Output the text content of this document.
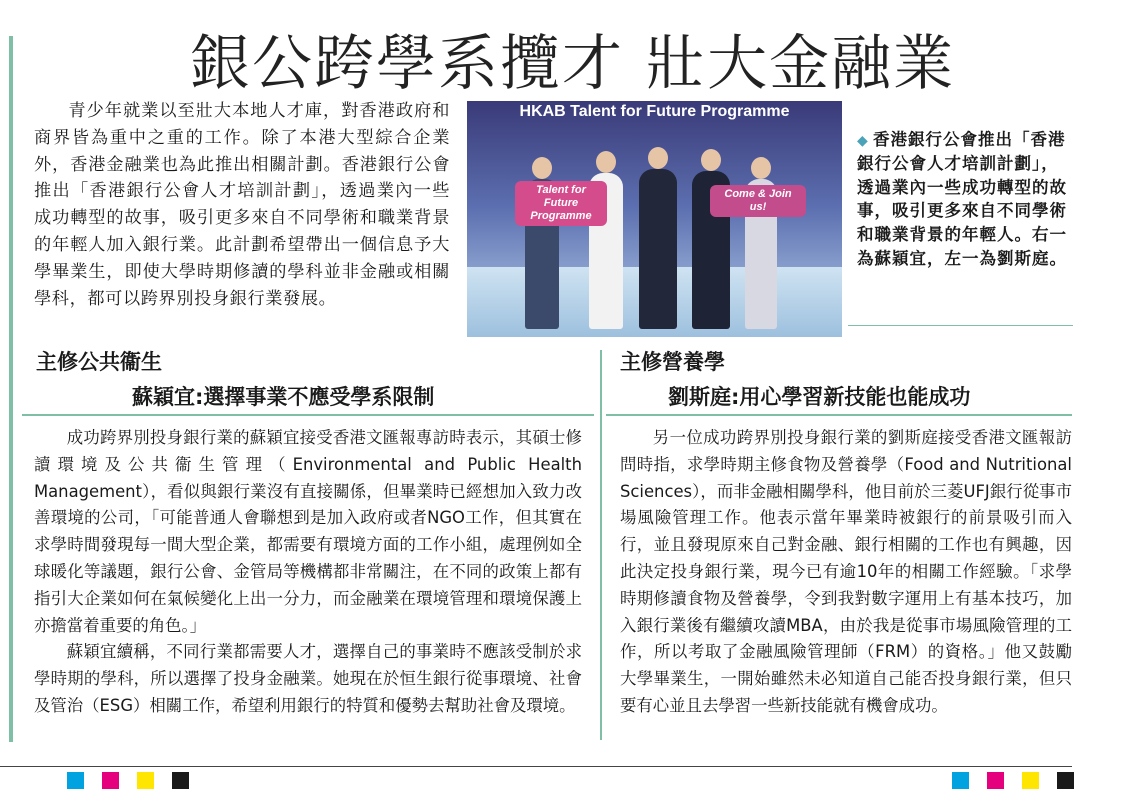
銀公跨學系攬才 壯大金融業

青少年就業以至壯大本地人才庫，對香港政府和商界皆為重中之重的工作。除了本港大型綜合企業外，香港金融業也為此推出相關計劃。香港銀行公會推出「香港銀行公會人才培訓計劃」，透過業內一些成功轉型的故事，吸引更多來自不同學術和職業背景的年輕人加入銀行業。此計劃希望帶出一個信息予大學畢業生，即使大學時期修讀的學科並非金融或相關學科，都可以跨界別投身銀行業發展。

HKAB Talent for Future Programme
Talent for Future Programme
Come & Join us!
◆ 香港銀行公會推出「香港銀行公會人才培訓計劃」，透過業內一些成功轉型的故事，吸引更多來自不同學術和職業背景的年輕人。右一為蘇穎宜，左一為劉斯庭。

主修公共衞生
蘇穎宜:選擇事業不應受學系限制

成功跨界別投身銀行業的蘇穎宜接受香港文匯報專訪時表示，其碩士修讀環境及公共衞生管理（Environmental and Public Health Management），看似與銀行業沒有直接關係，但畢業時已經想加入致力改善環境的公司，「可能普通人會聯想到是加入政府或者NGO工作，但其實在求學時間發現每一間大型企業，都需要有環境方面的工作小組，處理例如全球暖化等議題，銀行公會、金管局等機構都非常關注，在不同的政策上都有指引大企業如何在氣候變化上出一分力，而金融業在環境管理和環境保護上亦擔當着重要的角色。」

蘇穎宜續稱，不同行業都需要人才，選擇自己的事業時不應該受制於求學時期的學科，所以選擇了投身金融業。她現在於恒生銀行從事環境、社會及管治（ESG）相關工作，希望利用銀行的特質和優勢去幫助社會及環境。

主修營養學
劉斯庭:用心學習新技能也能成功

另一位成功跨界別投身銀行業的劉斯庭接受香港文匯報訪問時指，求學時期主修食物及營養學（Food and Nutritional Sciences），而非金融相關學科，他目前於三菱UFJ銀行從事市場風險管理工作。他表示當年畢業時被銀行的前景吸引而入行，並且發現原來自己對金融、銀行相關的工作也有興趣，因此決定投身銀行業，現今已有逾10年的相關工作經驗。「求學時期修讀食物及營養學，令到我對數字運用上有基本技巧，加入銀行業後有繼續攻讀MBA，由於我是從事市場風險管理的工作，所以考取了金融風險管理師（FRM）的資格。」他又鼓勵大學畢業生，一開始雖然未必知道自己能否投身銀行業，但只要有心並且去學習一些新技能就有機會成功。
